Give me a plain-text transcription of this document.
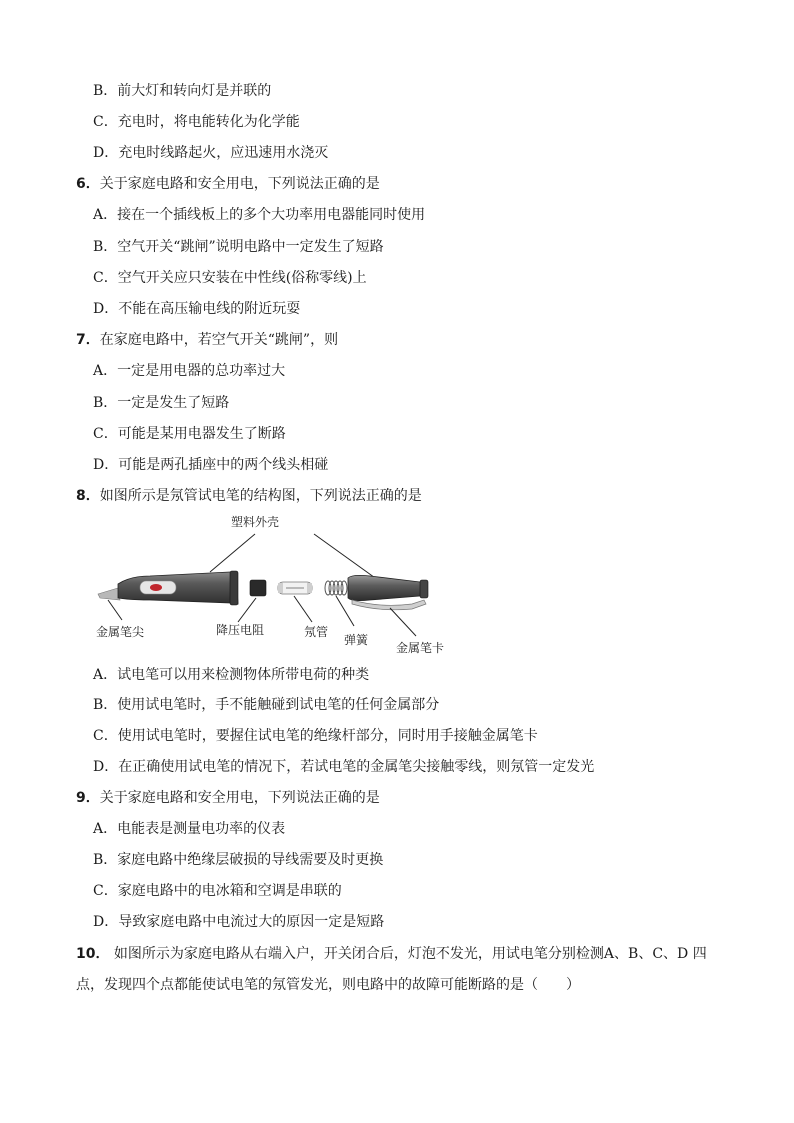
B．前大灯和转向灯是并联的
C．充电时，将电能转化为化学能
D．充电时线路起火，应迅速用水浇灭
6．关于家庭电路和安全用电，下列说法正确的是
A．接在一个插线板上的多个大功率用电器能同时使用
B．空气开关“跳闸”说明电路中一定发生了短路
C．空气开关应只安装在中性线(俗称零线)上
D．不能在高压输电线的附近玩耍
7．在家庭电路中，若空气开关“跳闸”，则
A．一定是用电器的总功率过大
B．一定是发生了短路
C．可能是某用电器发生了断路
D．可能是两孔插座中的两个线头相碰
8．如图所示是氖管试电笔的结构图，下列说法正确的是
塑料外壳
金属笔尖	降压电阻	氖管
弹簧
金属笔卡
A．试电笔可以用来检测物体所带电荷的种类
B．使用试电笔时，手不能触碰到试电笔的任何金属部分
C．使用试电笔时，要握住试电笔的绝缘杆部分，同时用手接触金属笔卡
D．在正确使用试电笔的情况下，若试电笔的金属笔尖接触零线，则氖管一定发光
9．关于家庭电路和安全用电，下列说法正确的是
A．电能表是测量电功率的仪表
B．家庭电路中绝缘层破损的导线需要及时更换
C．家庭电路中的电冰箱和空调是串联的
D．导致家庭电路中电流过大的原因一定是短路
10． 如图所示为家庭电路从右端入户，开关闭合后，灯泡不发光，用试电笔分别检测A、B、C、D 四
点，发现四个点都能使试电笔的氖管发光，则电路中的故障可能断路的是（　　）
